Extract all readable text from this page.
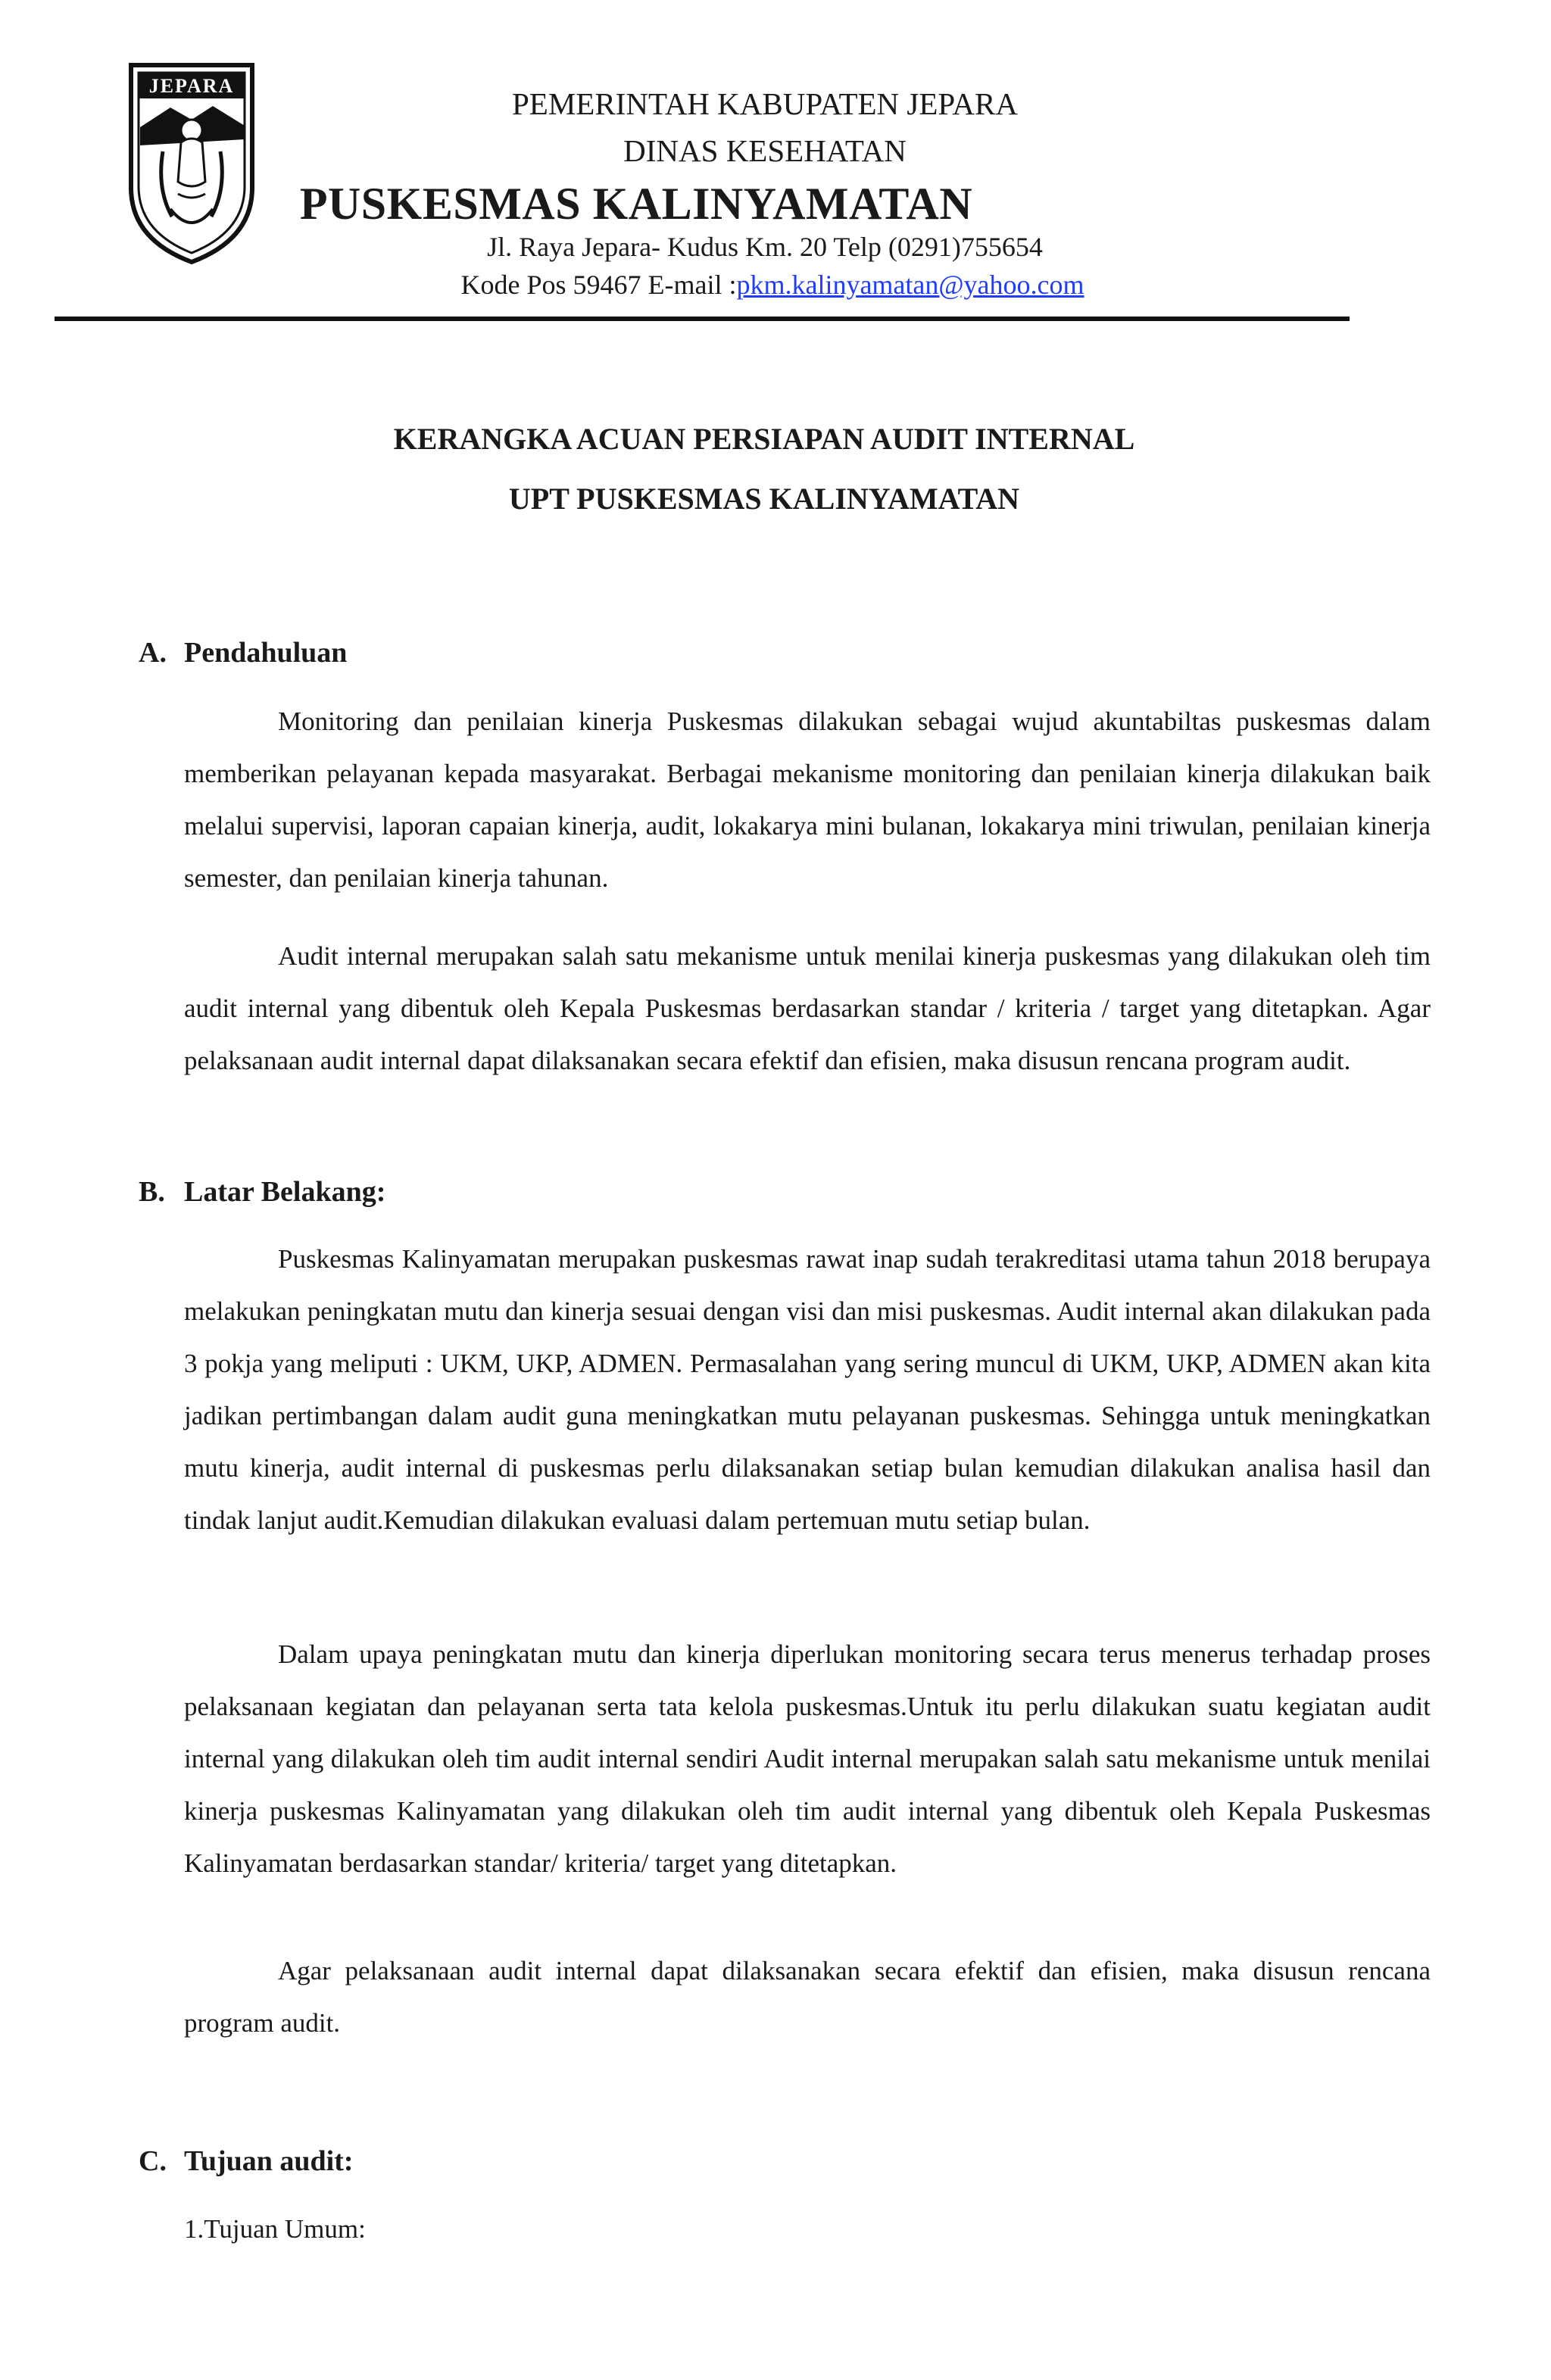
JEPARA
PEMERINTAH KABUPATEN JEPARA
DINAS KESEHATAN
PUSKESMAS KALINYAMATAN
Jl. Raya Jepara- Kudus Km. 20 Telp (0291)755654
Kode Pos 59467 E-mail :pkm.kalinyamatan@yahoo.com
KERANGKA ACUAN PERSIAPAN AUDIT INTERNAL
UPT PUSKESMAS KALINYAMATAN
A. Pendahuluan

Monitoring dan penilaian kinerja Puskesmas dilakukan sebagai wujud akuntabiltas puskesmas dalam memberikan pelayanan kepada masyarakat. Berbagai mekanisme monitoring dan penilaian kinerja dilakukan baik melalui supervisi, laporan capaian kinerja, audit, lokakarya mini bulanan, lokakarya mini triwulan, penilaian kinerja semester, dan penilaian kinerja tahunan.

Audit internal merupakan salah satu mekanisme untuk menilai kinerja puskesmas yang dilakukan oleh tim audit internal yang dibentuk oleh Kepala Puskesmas berdasarkan standar / kriteria / target yang ditetapkan. Agar pelaksanaan audit internal dapat dilaksanakan secara efektif dan efisien, maka disusun rencana program audit.

B. Latar Belakang:

Puskesmas Kalinyamatan merupakan puskesmas rawat inap sudah terakreditasi utama tahun 2018 berupaya melakukan peningkatan mutu dan kinerja sesuai dengan visi dan misi puskesmas. Audit internal akan dilakukan pada 3 pokja yang meliputi : UKM, UKP, ADMEN. Permasalahan yang sering muncul di UKM, UKP, ADMEN akan kita jadikan pertimbangan dalam audit guna meningkatkan mutu pelayanan puskesmas. Sehingga untuk meningkatkan mutu kinerja, audit internal di puskesmas perlu dilaksanakan setiap bulan kemudian dilakukan analisa hasil dan tindak lanjut audit.Kemudian dilakukan evaluasi dalam pertemuan mutu setiap bulan.

Dalam upaya peningkatan mutu dan kinerja diperlukan monitoring secara terus menerus terhadap proses pelaksanaan kegiatan dan pelayanan serta tata kelola puskesmas.Untuk itu perlu dilakukan suatu kegiatan audit internal yang dilakukan oleh tim audit internal sendiri Audit internal merupakan salah satu mekanisme untuk menilai kinerja puskesmas Kalinyamatan yang dilakukan oleh tim audit internal yang dibentuk oleh Kepala Puskesmas Kalinyamatan berdasarkan standar/ kriteria/ target yang ditetapkan.

Agar pelaksanaan audit internal dapat dilaksanakan secara efektif dan efisien, maka disusun rencana program audit.

C. Tujuan audit:
1.Tujuan Umum:
